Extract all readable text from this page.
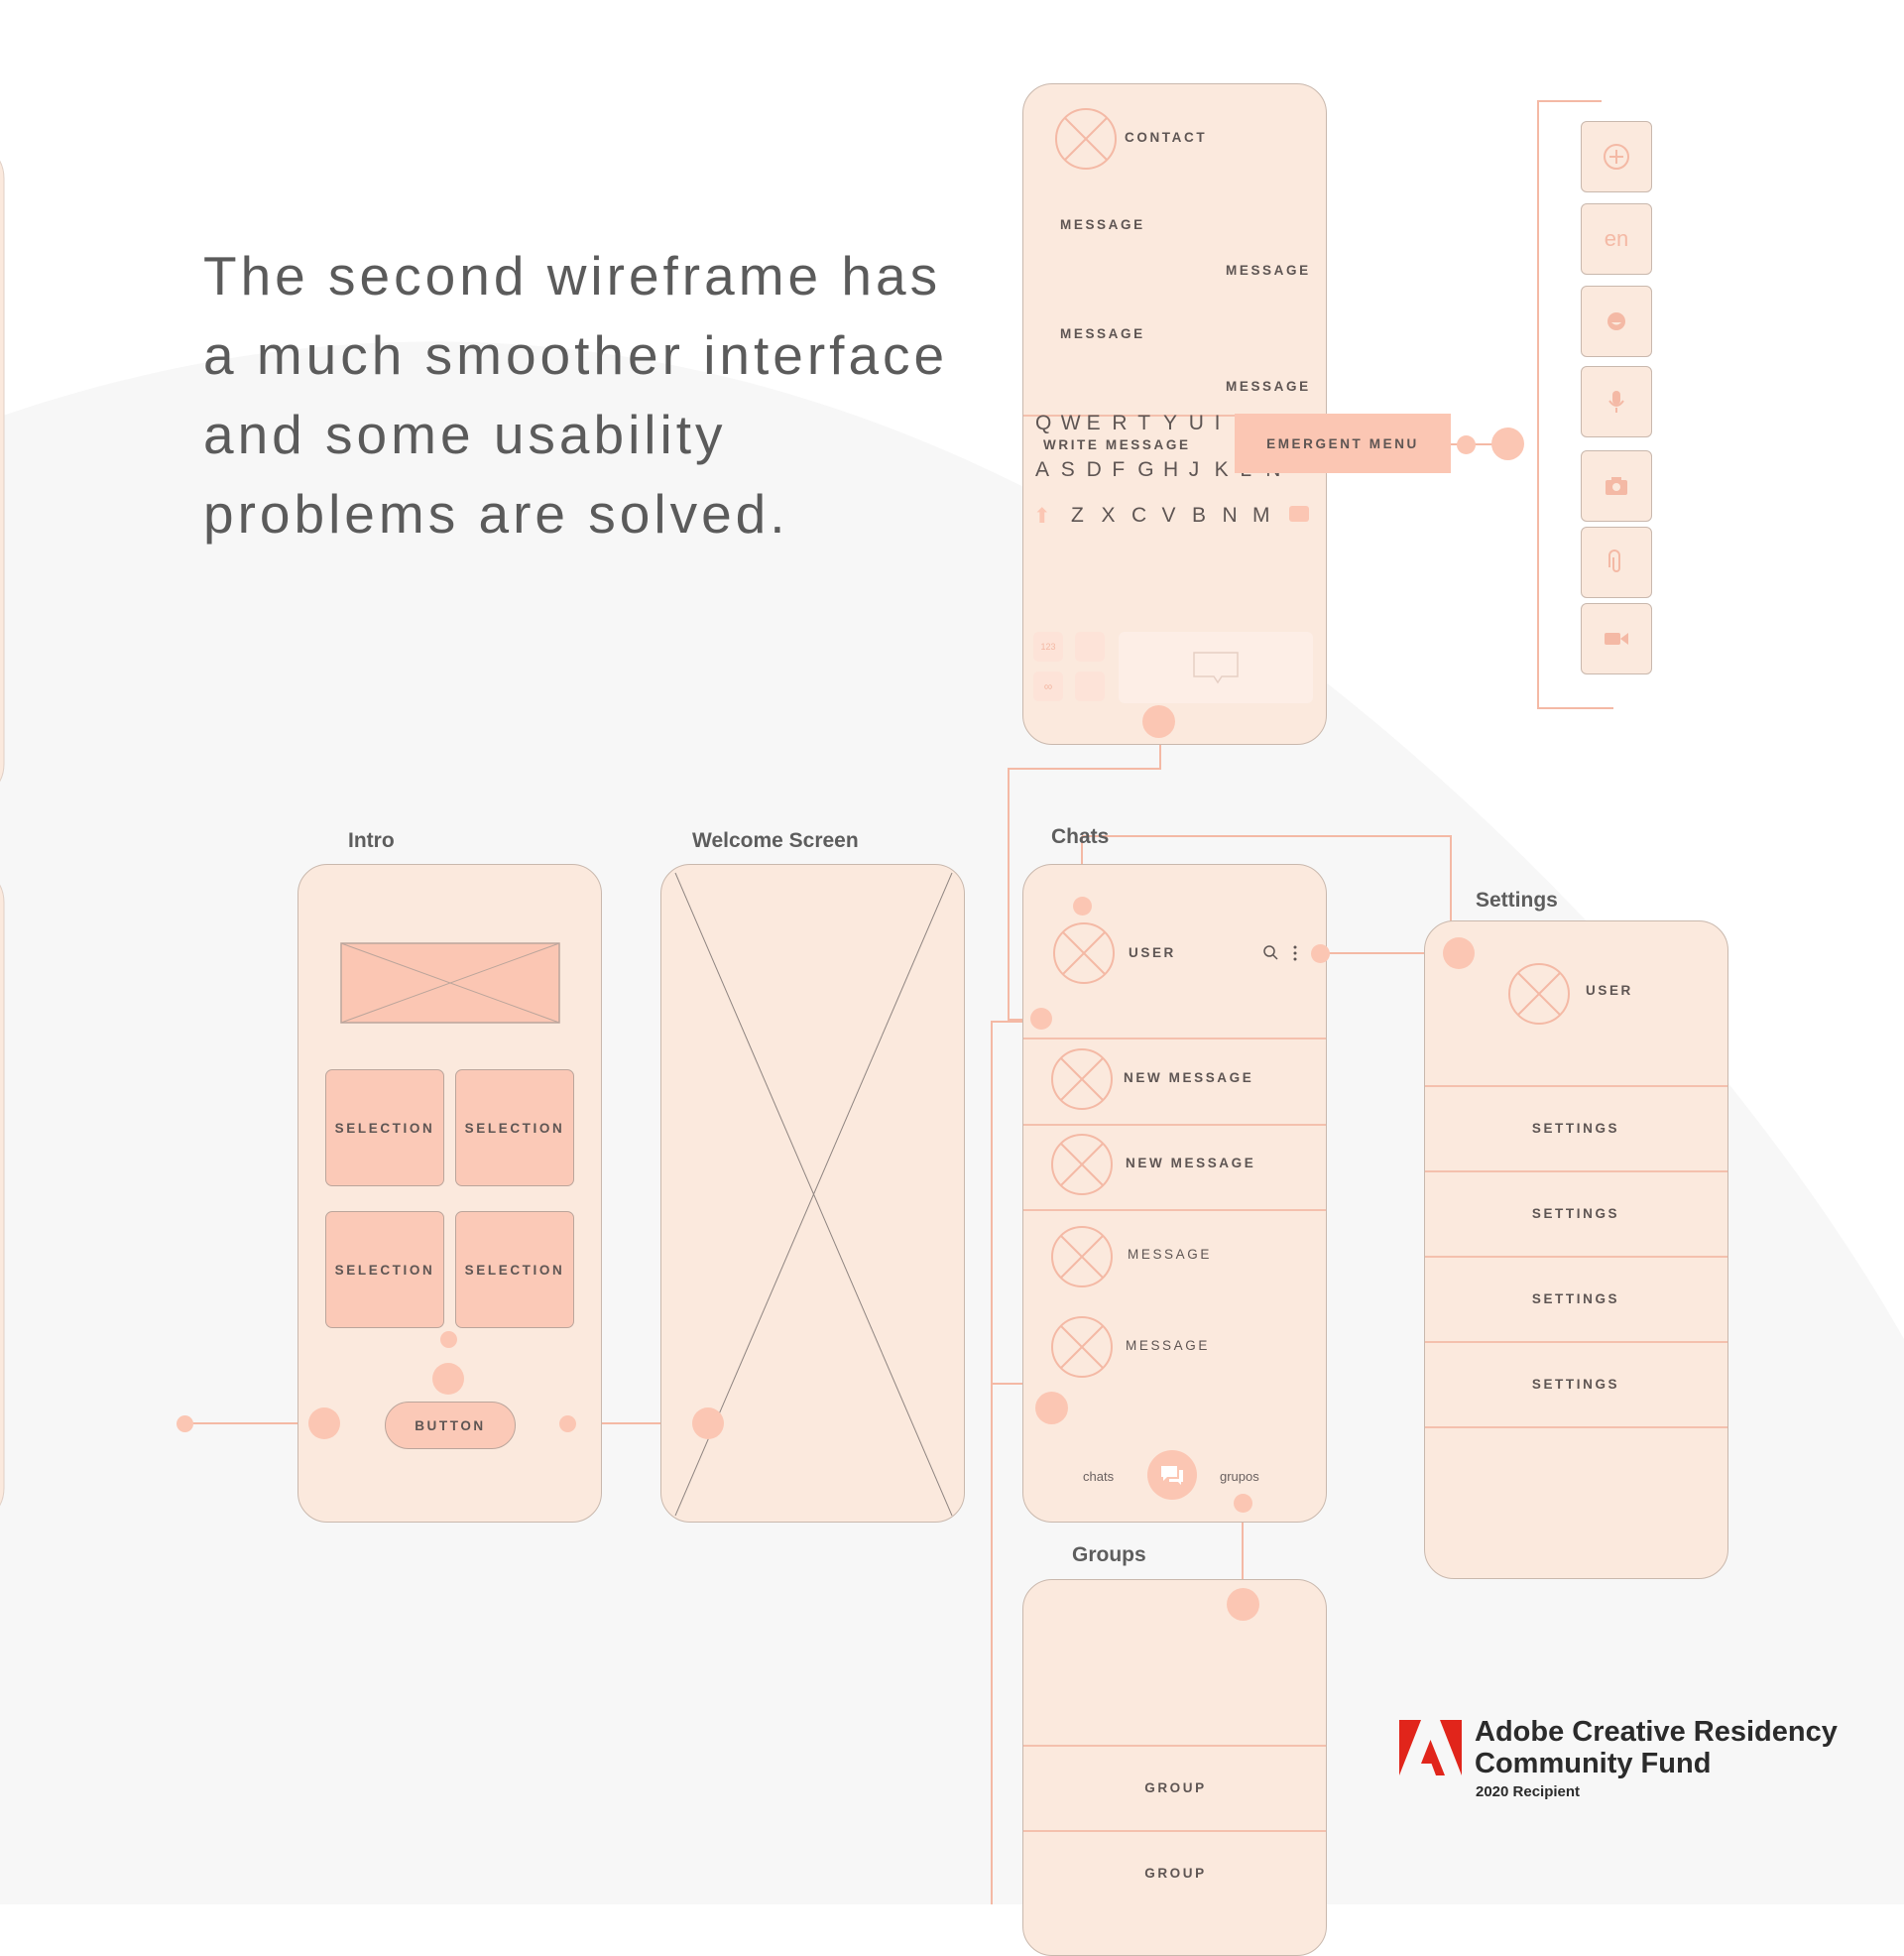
The second wireframe has a much smoother interface and some usability problems are solved.
Intro
SELECTION SELECTION
SELECTION SELECTION
BUTTON
Welcome Screen
CONTACT
MESSAGE
MESSAGE
MESSAGE
MESSAGE
WRITE MESSAGE
123
∞
Q W E R T Y U I
A S D F G H J K
Z X C V B N M
⬆
EMERGENT MENU
en
Chats
USER
NEW MESSAGE
NEW MESSAGE
MESSAGE
MESSAGE
chats	grupos
Settings
USER
SETTINGS
SETTINGS
SETTINGS
SETTINGS
Groups
GROUP
GROUP
Adobe Creative Residency
Community Fund
2020 Recipient
